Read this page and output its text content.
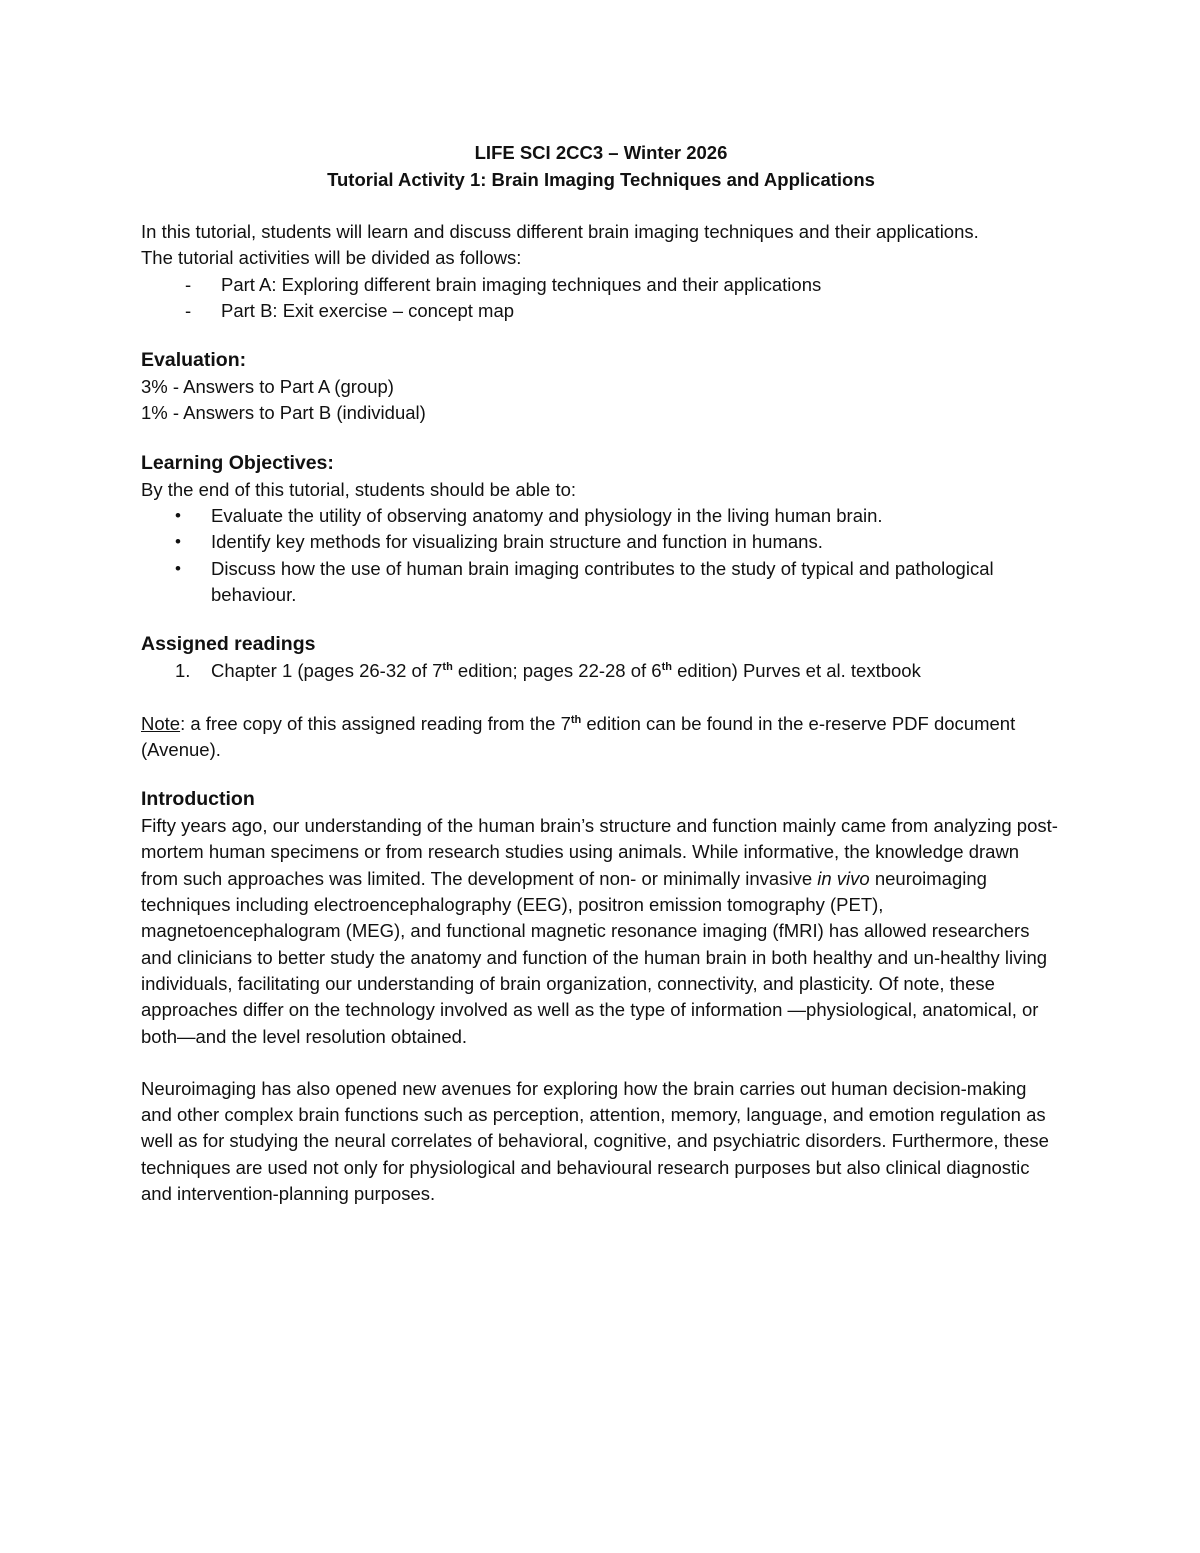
LIFE SCI 2CC3 – Winter 2026
Tutorial Activity 1: Brain Imaging Techniques and Applications

In this tutorial, students will learn and discuss different brain imaging techniques and their applications.

The tutorial activities will be divided as follows:

- Part A: Exploring different brain imaging techniques and their applications
- Part B: Exit exercise – concept map
Evaluation:

3% - Answers to Part A (group)

1% - Answers to Part B (individual)

Learning Objectives:

By the end of this tutorial, students should be able to:

• Evaluate the utility of observing anatomy and physiology in the living human brain.
• Identify key methods for visualizing brain structure and function in humans.
• Discuss how the use of human brain imaging contributes to the study of typical and pathological behaviour.
Assigned readings
1. Chapter 1 (pages 26-32 of 7th edition; pages 22-28 of 6th edition) Purves et al. textbook

Note: a free copy of this assigned reading from the 7th edition can be found in the e-reserve PDF document (Avenue).

Introduction

Fifty years ago, our understanding of the human brain’s structure and function mainly came from analyzing post-mortem human specimens or from research studies using animals. While informative, the knowledge drawn from such approaches was limited. The development of non- or minimally invasive in vivo neuroimaging techniques including electroencephalography (EEG), positron emission tomography (PET), magnetoencephalogram (MEG), and functional magnetic resonance imaging (fMRI) has allowed researchers and clinicians to better study the anatomy and function of the human brain in both healthy and un-healthy living individuals, facilitating our understanding of brain organization, connectivity, and plasticity. Of note, these approaches differ on the technology involved as well as the type of information —physiological, anatomical, or both—and the level resolution obtained.

Neuroimaging has also opened new avenues for exploring how the brain carries out human decision-making and other complex brain functions such as perception, attention, memory, language, and emotion regulation as well as for studying the neural correlates of behavioral, cognitive, and psychiatric disorders. Furthermore, these techniques are used not only for physiological and behavioural research purposes but also clinical diagnostic and intervention-planning purposes.
